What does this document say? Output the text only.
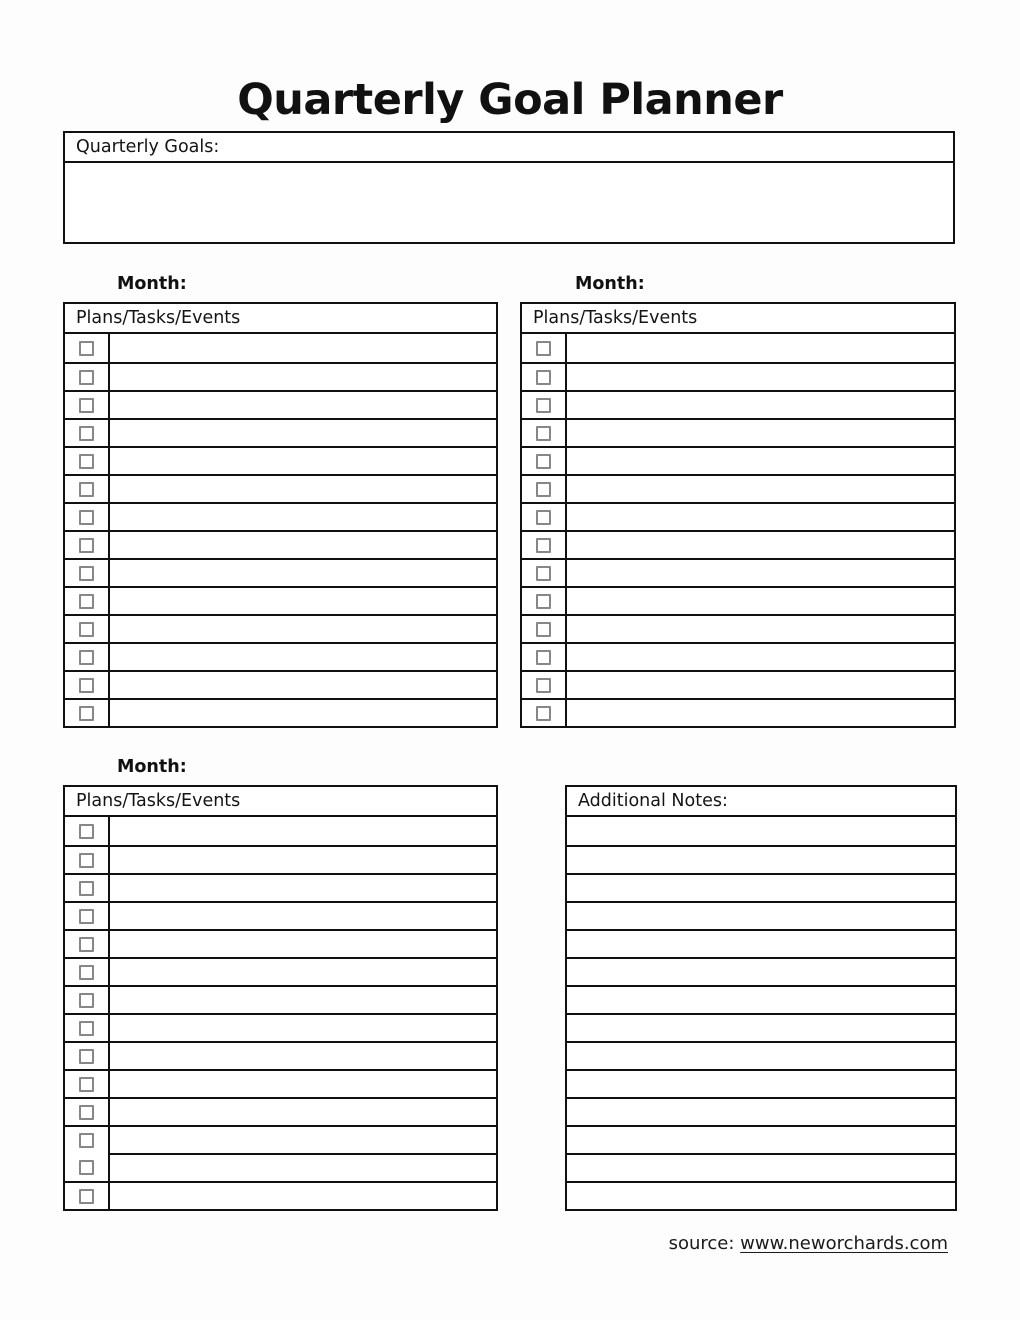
Quarterly Goal Planner
Quarterly Goals:
Month:
Plans/Tasks/Events
Month:
Plans/Tasks/Events
Month:
Plans/Tasks/Events	Additional Notes:
source: www.neworchards.com
